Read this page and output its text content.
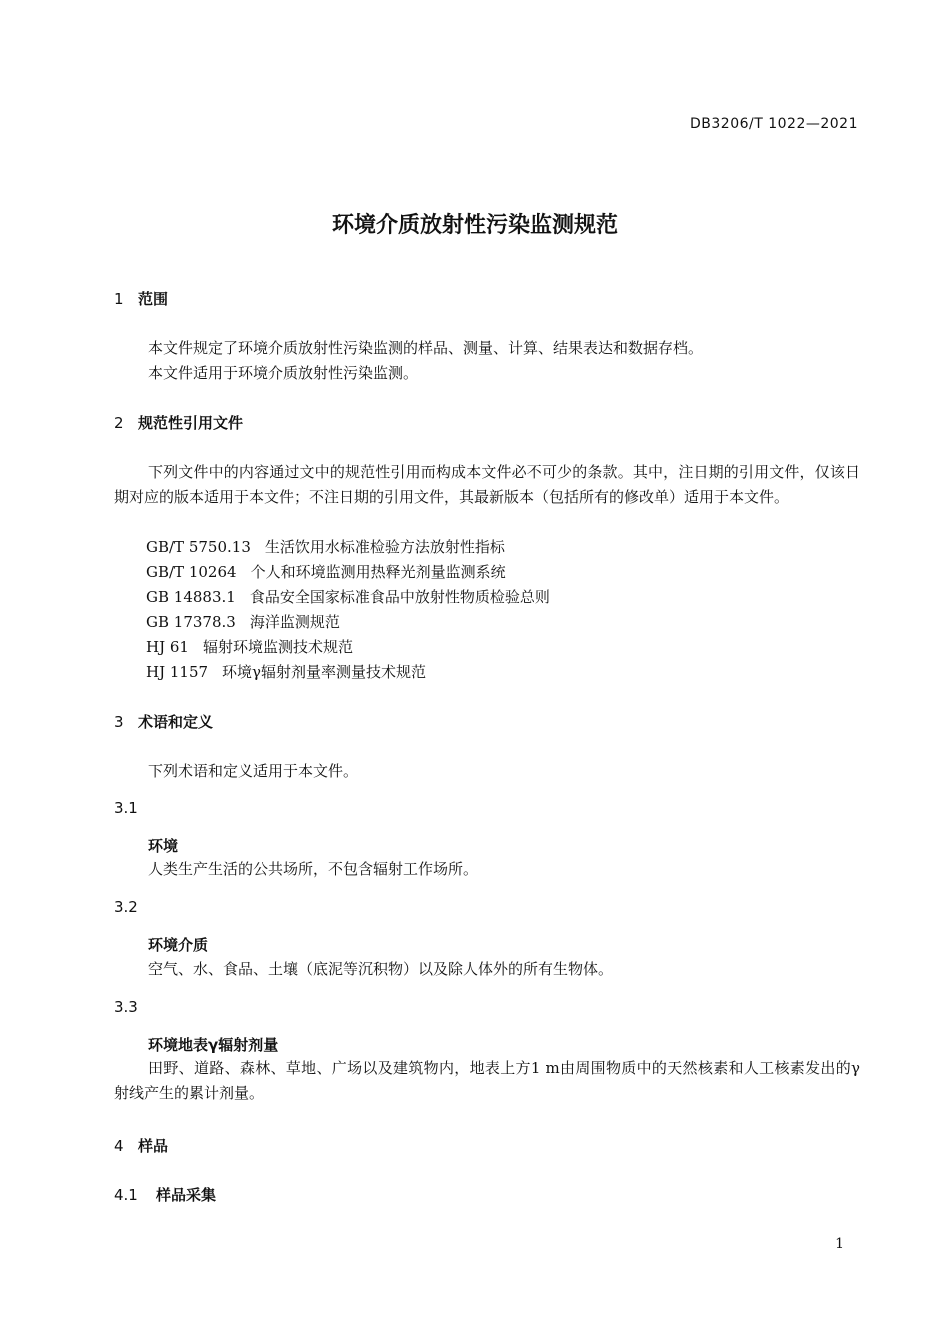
DB3206/T 1022—2021
环境介质放射性污染监测规范
1 范围
本文件规定了环境介质放射性污染监测的样品、测量、计算、结果表达和数据存档。
本文件适用于环境介质放射性污染监测。
2 规范性引用文件
下列文件中的内容通过文中的规范性引用而构成本文件必不可少的条款。其中，注日期的引用文件，仅该日期对应的版本适用于本文件；不注日期的引用文件，其最新版本（包括所有的修改单）适用于本文件。
GB/T 5750.13 生活饮用水标准检验方法放射性指标
GB/T 10264 个人和环境监测用热释光剂量监测系统
GB 14883.1 食品安全国家标准食品中放射性物质检验总则
GB 17378.3 海洋监测规范
HJ 61 辐射环境监测技术规范
HJ 1157 环境γ辐射剂量率测量技术规范
3 术语和定义
下列术语和定义适用于本文件。
3.1
环境
人类生产生活的公共场所，不包含辐射工作场所。
3.2
环境介质
空气、水、食品、土壤（底泥等沉积物）以及除人体外的所有生物体。
3.3
环境地表γ辐射剂量
田野、道路、森林、草地、广场以及建筑物内，地表上方1 m由周围物质中的天然核素和人工核素发出的γ射线产生的累计剂量。
4 样品
4.1 样品采集
1
